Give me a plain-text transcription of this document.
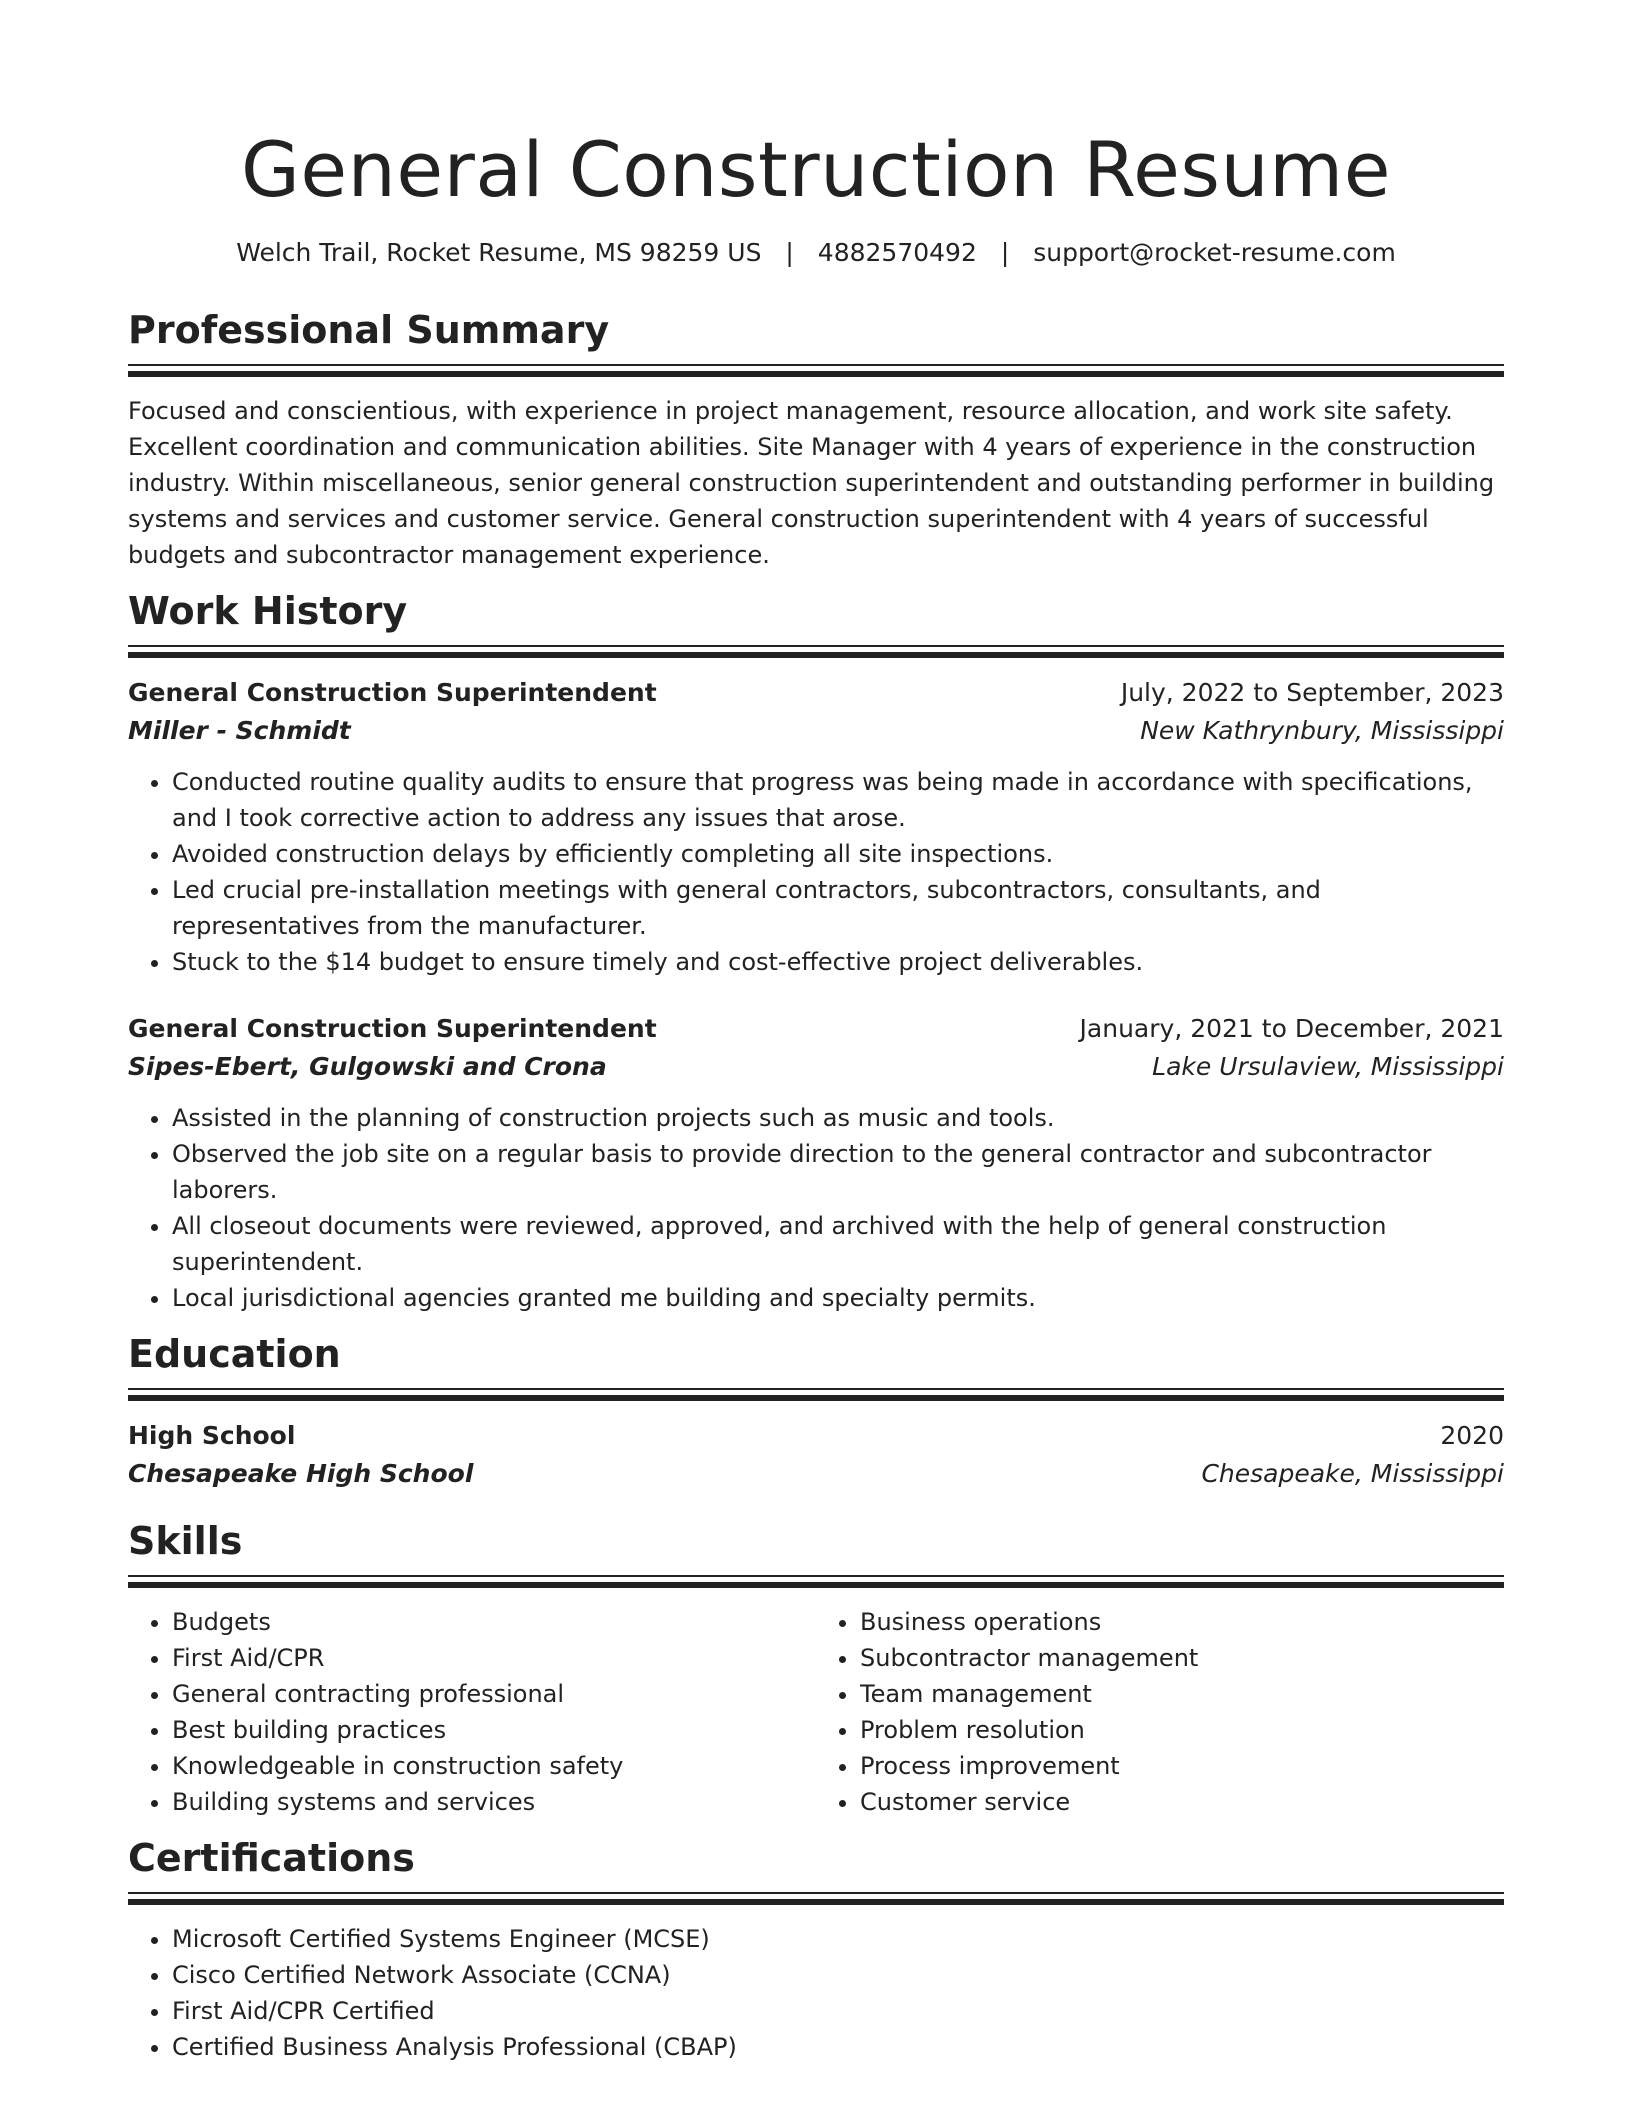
General Construction Resume
Welch Trail, Rocket Resume, MS 98259 US | 4882570492 | support@rocket-resume.com
Professional Summary
Focused and conscientious, with experience in project management, resource allocation, and work site safety. Excellent coordination and communication abilities. Site Manager with 4 years of experience in the construction industry. Within miscellaneous, senior general construction superintendent and outstanding performer in building systems and services and customer service. General construction superintendent with 4 years of successful budgets and subcontractor management experience.
Work History
General Construction Superintendent	July, 2022 to September, 2023
Miller - Schmidt	New Kathrynbury, Mississippi
• Conducted routine quality audits to ensure that progress was being made in accordance with specifications, and I took corrective action to address any issues that arose.
• Avoided construction delays by efficiently completing all site inspections.
• Led crucial pre-installation meetings with general contractors, subcontractors, consultants, and representatives from the manufacturer.
• Stuck to the $14 budget to ensure timely and cost-effective project deliverables.
General Construction Superintendent	January, 2021 to December, 2021
Sipes-Ebert, Gulgowski and Crona	Lake Ursulaview, Mississippi
• Assisted in the planning of construction projects such as music and tools.
• Observed the job site on a regular basis to provide direction to the general contractor and subcontractor laborers.
• All closeout documents were reviewed, approved, and archived with the help of general construction superintendent.
• Local jurisdictional agencies granted me building and specialty permits.
Education
High School	2020
Chesapeake High School	Chesapeake, Mississippi
Skills
• Budgets
• First Aid/CPR
• General contracting professional
• Best building practices
• Knowledgeable in construction safety
• Building systems and services
• Business operations
• Subcontractor management
• Team management
• Problem resolution
• Process improvement
• Customer service
Certifications
• Microsoft Certified Systems Engineer (MCSE)
• Cisco Certified Network Associate (CCNA)
• First Aid/CPR Certified
• Certified Business Analysis Professional (CBAP)
